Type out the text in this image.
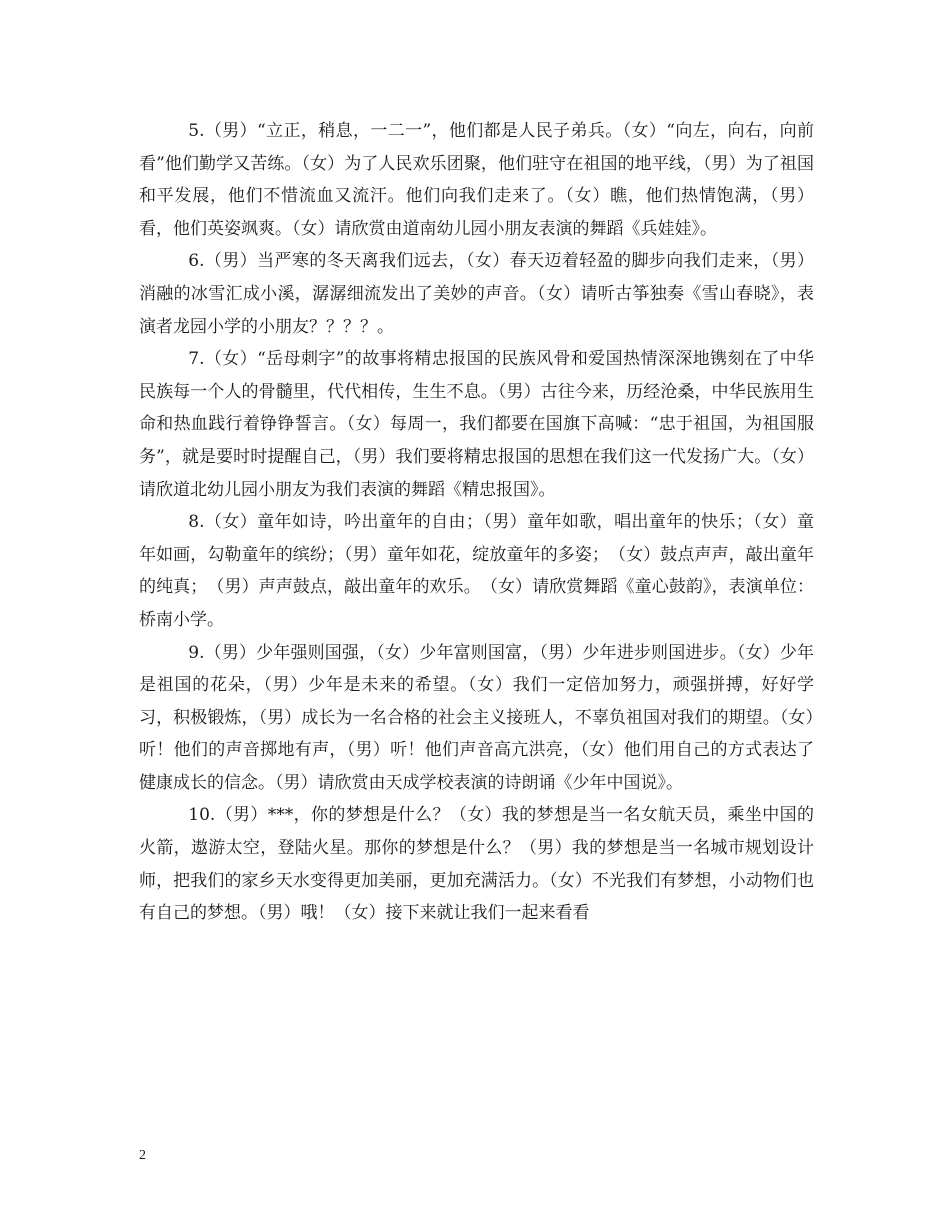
5.（男）“立正，稍息，一二一”，他们都是人民子弟兵。（女）“向左，向右，向前看”他们勤学又苦练。（女）为了人民欢乐团聚，他们驻守在祖国的地平线，（男）为了祖国和平发展，他们不惜流血又流汗。他们向我们走来了。（女）瞧，他们热情饱满，（男）看，他们英姿飒爽。（女）请欣赏由道南幼儿园小朋友表演的舞蹈《兵娃娃》。

6.（男）当严寒的冬天离我们远去，（女）春天迈着轻盈的脚步向我们走来，（男）消融的冰雪汇成小溪，潺潺细流发出了美妙的声音。（女）请听古筝独奏《雪山春晓》，表演者龙园小学的小朋友？？？？。

7.（女）“岳母刺字”的故事将精忠报国的民族风骨和爱国热情深深地镌刻在了中华民族每一个人的骨髓里，代代相传，生生不息。（男）古往今来，历经沧桑，中华民族用生命和热血践行着铮铮誓言。（女）每周一，我们都要在国旗下高喊：“忠于祖国，为祖国服务”，就是要时时提醒自己，（男）我们要将精忠报国的思想在我们这一代发扬广大。（女）请欣道北幼儿园小朋友为我们表演的舞蹈《精忠报国》。

8.（女）童年如诗，吟出童年的自由；（男）童年如歌，唱出童年的快乐；（女）童年如画，勾勒童年的缤纷；（男）童年如花，绽放童年的多姿；　（女）鼓点声声，敲出童年的纯真；　（男）声声鼓点，敲出童年的欢乐。　（女）请欣赏舞蹈《童心鼓韵》，表演单位：桥南小学。

9.（男）少年强则国强，（女）少年富则国富，（男）少年进步则国进步。（女）少年是祖国的花朵，（男）少年是未来的希望。（女）我们一定倍加努力，顽强拼搏，好好学习，积极锻炼，（男）成长为一名合格的社会主义接班人，不辜负祖国对我们的期望。（女）听！他们的声音掷地有声，（男）听！他们声音高亢洪亮，（女）他们用自己的方式表达了健康成长的信念。（男）请欣赏由天成学校表演的诗朗诵《少年中国说》。

10.（男）***，你的梦想是什么？（女）我的梦想是当一名女航天员，乘坐中国的火箭，遨游太空，登陆火星。那你的梦想是什么？（男）我的梦想是当一名城市规划设计师，把我们的家乡天水变得更加美丽，更加充满活力。（女）不光我们有梦想，小动物们也有自己的梦想。（男）哦！（女）接下来就让我们一起来看看

2
